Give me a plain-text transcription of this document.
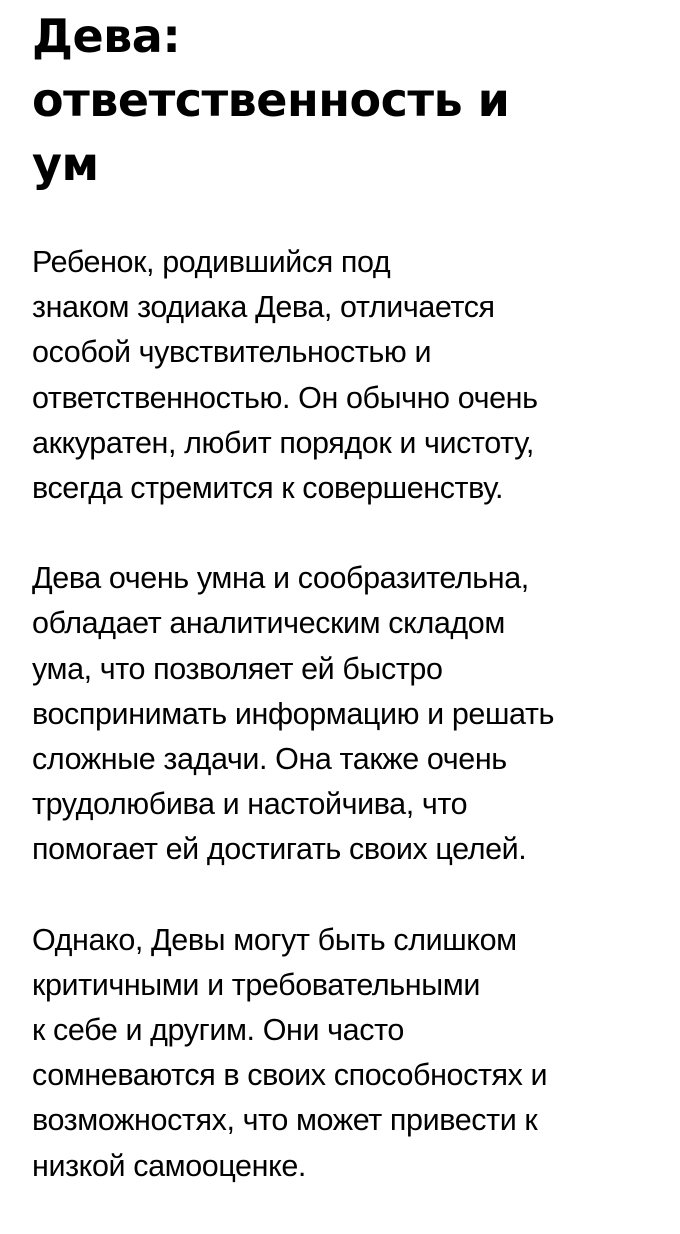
Дева:
ответственность и
ум

Ребенок, родившийся под
знаком зодиака Дева, отличается
особой чувствительностью и
ответственностью. Он обычно очень
аккуратен, любит порядок и чистоту,
всегда стремится к совершенству.

Дева очень умна и сообразительна,
обладает аналитическим складом
ума, что позволяет ей быстро
воспринимать информацию и решать
сложные задачи. Она также очень
трудолюбива и настойчива, что
помогает ей достигать своих целей.

Однако, Девы могут быть слишком
критичными и требовательными
к себе и другим. Они часто
сомневаются в своих способностях и
возможностях, что может привести к
низкой самооценке.
